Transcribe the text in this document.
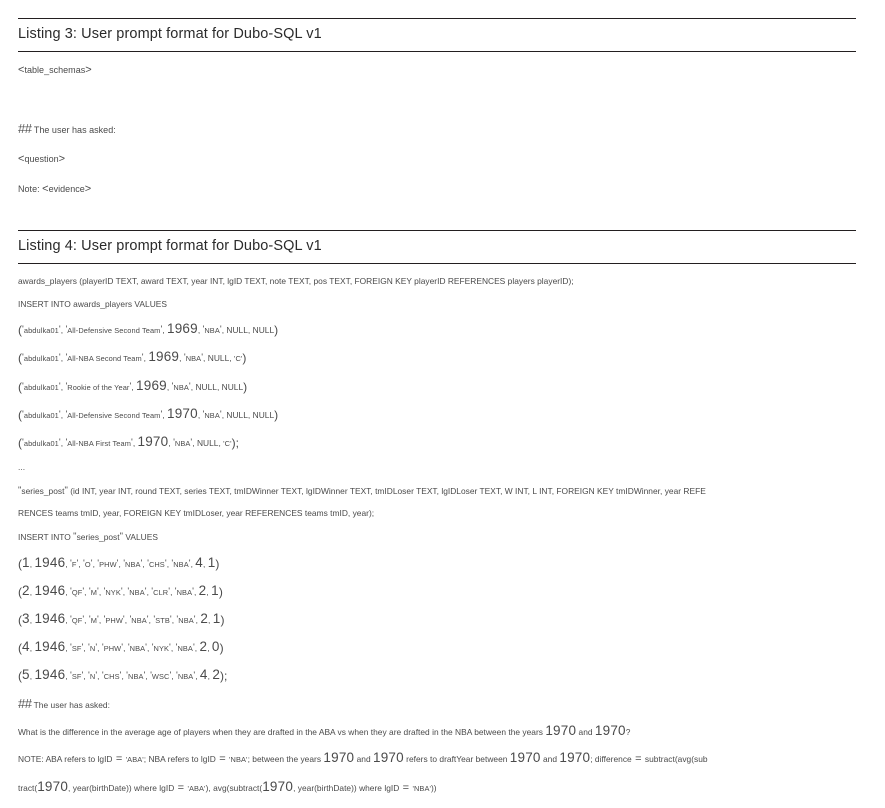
Listing 3: User prompt format for Dubo-SQL v1
<table_schemas>
## The user has asked:
<question>
Note: <evidence>
Listing 4: User prompt format for Dubo-SQL v1
awards_players (playerID TEXT, award TEXT, year INT, lgID TEXT, note TEXT, pos TEXT, FOREIGN KEY playerID REFERENCES players playerID);
INSERT INTO awards_players VALUES
('abdulka01', 'All-Defensive Second Team', 1969, 'NBA', NULL, NULL)
('abdulka01', 'All-NBA Second Team', 1969, 'NBA', NULL, 'C')
('abdulka01', 'Rookie of the Year', 1969, 'NBA', NULL, NULL)
('abdulka01', 'All-Defensive Second Team', 1970, 'NBA', NULL, NULL)
('abdulka01', 'All-NBA First Team', 1970, 'NBA', NULL, 'C');
...
"series_post" (id INT, year INT, round TEXT, series TEXT, tmIDWinner TEXT, lgIDWinner TEXT, tmIDLoser TEXT, lgIDLoser TEXT, W INT, L INT, FOREIGN KEY tmIDWinner, year REFE
RENCES teams tmID, year, FOREIGN KEY tmIDLoser, year REFERENCES teams tmID, year);
INSERT INTO "series_post" VALUES
(1, 1946, 'F', 'O', 'PHW', 'NBA', 'CHS', 'NBA', 4, 1)
(2, 1946, 'QF', 'M', 'NYK', 'NBA', 'CLR', 'NBA', 2, 1)
(3, 1946, 'QF', 'M', 'PHW', 'NBA', 'STB', 'NBA', 2, 1)
(4, 1946, 'SF', 'N', 'PHW', 'NBA', 'NYK', 'NBA', 2, 0)
(5, 1946, 'SF', 'N', 'CHS', 'NBA', 'WSC', 'NBA', 4, 2);
## The user has asked:
What is the difference in the average age of players when they are drafted in the ABA vs when they are drafted in the NBA between the years 1970 and 1970?
NOTE: ABA refers to lgID = 'ABA'; NBA refers to lgID = 'NBA'; between the years 1970 and 1970 refers to draftYear between 1970 and 1970; difference = subtract(avg(sub
tract(1970, year(birthDate)) where lgID = 'ABA'), avg(subtract(1970, year(birthDate)) where lgID = 'NBA'))
